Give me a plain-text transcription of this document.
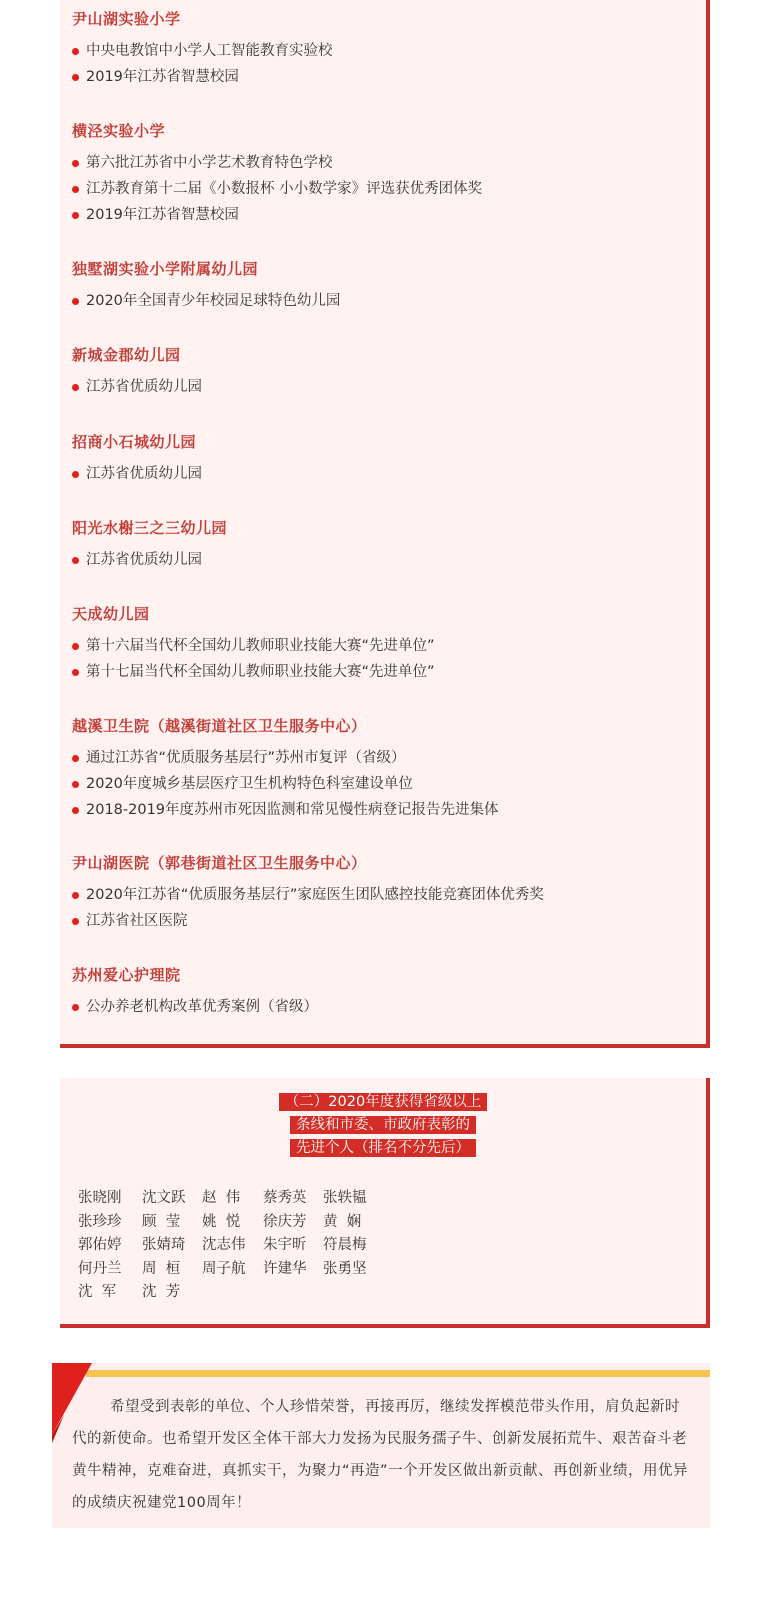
尹山湖实验小学
中央电教馆中小学人工智能教育实验校
2019年江苏省智慧校园
横泾实验小学
第六批江苏省中小学艺术教育特色学校
江苏教育第十二届《小数报杯 小小数学家》评选获优秀团体奖
2019年江苏省智慧校园
独墅湖实验小学附属幼儿园
2020年全国青少年校园足球特色幼儿园
新城金郡幼儿园
江苏省优质幼儿园
招商小石城幼儿园
江苏省优质幼儿园
阳光水榭三之三幼儿园
江苏省优质幼儿园
天成幼儿园
第十六届当代杯全国幼儿教师职业技能大赛“先进单位”
第十七届当代杯全国幼儿教师职业技能大赛“先进单位”
越溪卫生院（越溪街道社区卫生服务中心）
通过江苏省“优质服务基层行”苏州市复评（省级）
2020年度城乡基层医疗卫生机构特色科室建设单位
2018-2019年度苏州市死因监测和常见慢性病登记报告先进集体
尹山湖医院（郭巷街道社区卫生服务中心）
2020年江苏省“优质服务基层行”家庭医生团队感控技能竞赛团体优秀奖
江苏省社区医院
苏州爱心护理院
公办养老机构改革优秀案例（省级）
（二）2020年度获得省级以上
条线和市委、市政府表彰的
先进个人（排名不分先后）
张晓刚 沈文跃 赵  伟 蔡秀英 张轶韫
张珍珍 顾  莹 姚  悦 徐庆芳 黄  娴
郭佑婷 张婧琦 沈志伟 朱宇昕 符晨梅
何丹兰 周  桓 周子航 许建华 张勇坚
沈  军 沈  芳

希望受到表彰的单位、个人珍惜荣誉，再接再厉，继续发挥模范带头作用，肩负起新时代的新使命。也希望开发区全体干部大力发扬为民服务孺子牛、创新发展拓荒牛、艰苦奋斗老黄牛精神，克难奋进，真抓实干，为聚力“再造”一个开发区做出新贡献、再创新业绩，用优异的成绩庆祝建党100周年！
